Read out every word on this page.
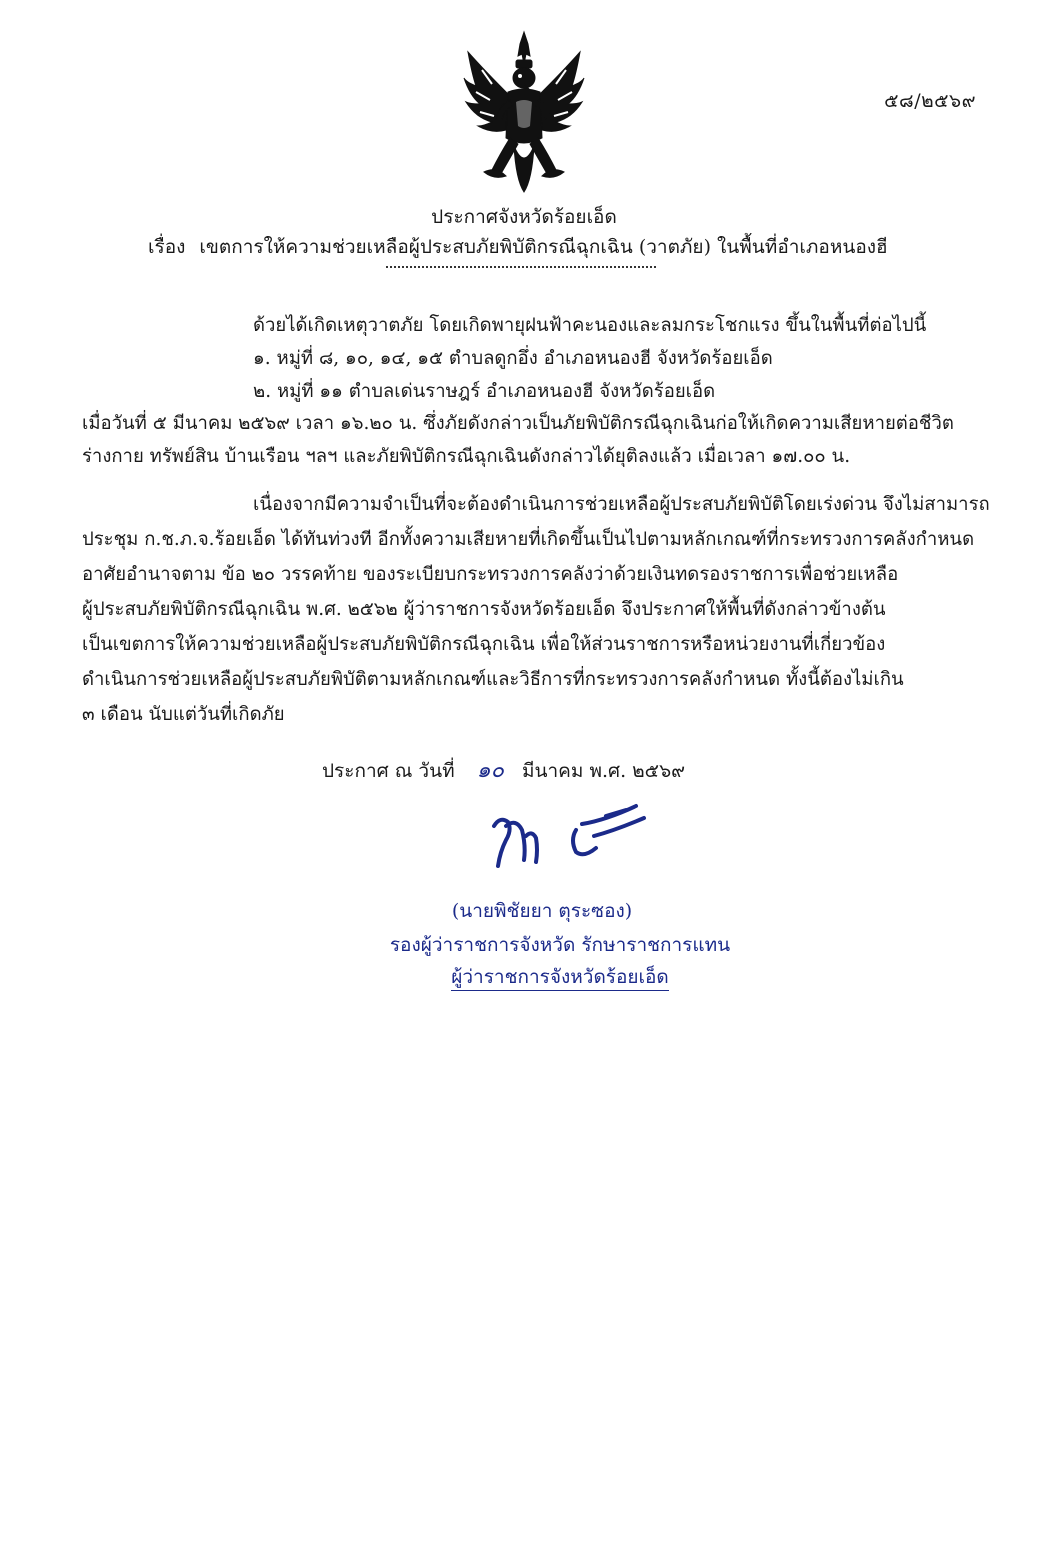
๕๘/๒๕๖๙
ประกาศจังหวัดร้อยเอ็ด
เรื่อง เขตการให้ความช่วยเหลือผู้ประสบภัยพิบัติกรณีฉุกเฉิน (วาตภัย) ในพื้นที่อำเภอหนองฮี
ด้วยได้เกิดเหตุวาตภัย โดยเกิดพายุฝนฟ้าคะนองและลมกระโชกแรง ขึ้นในพื้นที่ต่อไปนี้
๑. หมู่ที่ ๘, ๑๐, ๑๔, ๑๕ ตำบลดูกอึ่ง อำเภอหนองฮี จังหวัดร้อยเอ็ด
๒. หมู่ที่ ๑๑ ตำบลเด่นราษฎร์ อำเภอหนองฮี จังหวัดร้อยเอ็ด
เมื่อวันที่ ๕ มีนาคม ๒๕๖๙ เวลา ๑๖.๒๐ น. ซึ่งภัยดังกล่าวเป็นภัยพิบัติกรณีฉุกเฉินก่อให้เกิดความเสียหายต่อชีวิต
ร่างกาย ทรัพย์สิน บ้านเรือน ฯลฯ และภัยพิบัติกรณีฉุกเฉินดังกล่าวได้ยุติลงแล้ว เมื่อเวลา ๑๗.๐๐ น.
เนื่องจากมีความจำเป็นที่จะต้องดำเนินการช่วยเหลือผู้ประสบภัยพิบัติโดยเร่งด่วน จึงไม่สามารถ
ประชุม ก.ช.ภ.จ.ร้อยเอ็ด ได้ทันท่วงที อีกทั้งความเสียหายที่เกิดขึ้นเป็นไปตามหลักเกณฑ์ที่กระทรวงการคลังกำหนด
อาศัยอำนาจตาม ข้อ ๒๐ วรรคท้าย ของระเบียบกระทรวงการคลังว่าด้วยเงินทดรองราชการเพื่อช่วยเหลือ
ผู้ประสบภัยพิบัติกรณีฉุกเฉิน พ.ศ. ๒๕๖๒ ผู้ว่าราชการจังหวัดร้อยเอ็ด จึงประกาศให้พื้นที่ดังกล่าวข้างต้น
เป็นเขตการให้ความช่วยเหลือผู้ประสบภัยพิบัติกรณีฉุกเฉิน เพื่อให้ส่วนราชการหรือหน่วยงานที่เกี่ยวข้อง
ดำเนินการช่วยเหลือผู้ประสบภัยพิบัติตามหลักเกณฑ์และวิธีการที่กระทรวงการคลังกำหนด ทั้งนี้ต้องไม่เกิน
๓ เดือน นับแต่วันที่เกิดภัย
ประกาศ ณ วันที่ ๑๐ มีนาคม พ.ศ. ๒๕๖๙
(นายพิชัยยา ตุระซอง)
รองผู้ว่าราชการจังหวัด รักษาราชการแทน
ผู้ว่าราชการจังหวัดร้อยเอ็ด
